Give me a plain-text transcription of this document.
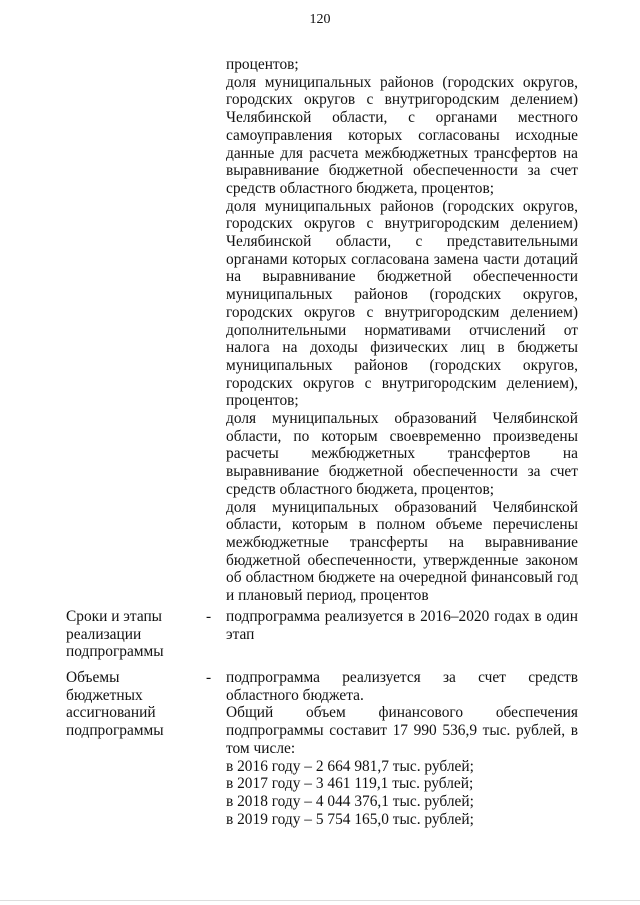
120

процентов;

доля муниципальных районов (городских округов, городских округов с внутригородским делением) Челябинской области, с органами местного самоуправления которых согласованы исходные данные для расчета межбюджетных трансфертов на выравнивание бюджетной обеспеченности за счет средств областного бюджета, процентов;

доля муниципальных районов (городских округов, городских округов с внутригородским делением) Челябинской области, с представительными органами которых согласована замена части дотаций на выравнивание бюджетной обеспеченности муниципальных районов (городских округов, городских округов с внутригородским делением) дополнительными нормативами отчислений от налога на доходы физических лиц в бюджеты муниципальных районов (городских округов, городских округов с внутригородским делением), процентов;

доля муниципальных образований Челябинской области, по которым своевременно произведены расчеты межбюджетных трансфертов на выравнивание бюджетной обеспеченности за счет средств областного бюджета, процентов;

доля муниципальных образований Челябинской области, которым в полном объеме перечислены межбюджетные трансферты на выравнивание бюджетной обеспеченности, утвержденные законом об областном бюджете на очередной финансовый год и плановый период, процентов

Сроки и этапы реализации подпрограммы
- подпрограмма реализуется в 2016–2020 годах в один этап

Объемы бюджетных ассигнований подпрограммы
- подпрограмма реализуется за счет средств областного бюджета.

Общий объем финансового обеспечения подпрограммы составит 17 990 536,9 тыс. рублей, в том числе:

в 2016 году – 2 664 981,7 тыс. рублей;

в 2017 году – 3 461 119,1 тыс. рублей;

в 2018 году – 4 044 376,1 тыс. рублей;

в 2019 году – 5 754 165,0 тыс. рублей;
